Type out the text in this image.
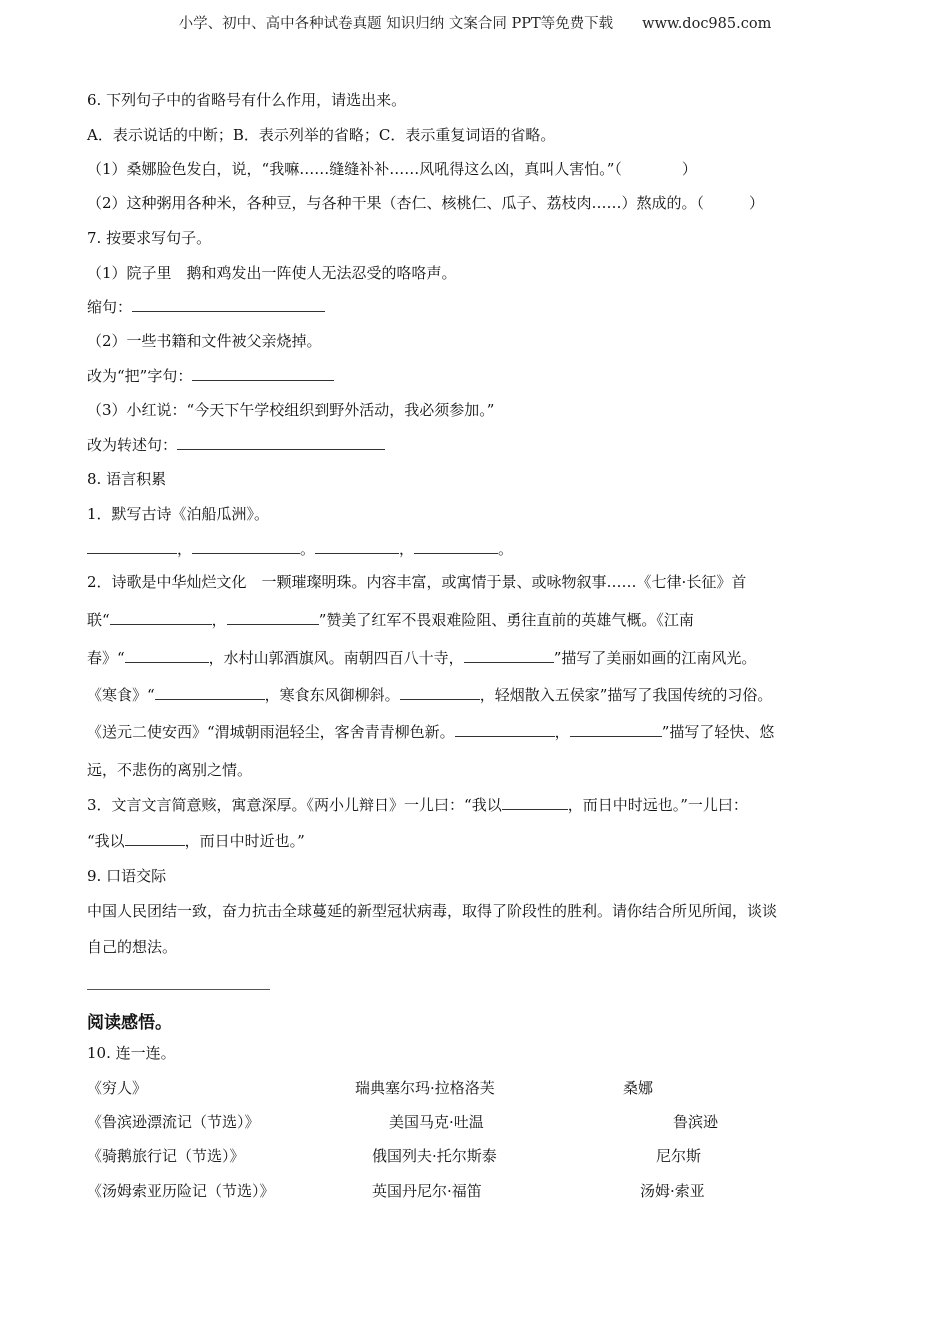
小学、初中、高中各种试卷真题 知识归纳 文案合同 PPT等免费下载　　www.doc985.com
6. 下列句子中的省略号有什么作用，请选出来。
A．表示说话的中断；B．表示列举的省略；C．表示重复词语的省略。
（1）桑娜脸色发白，说，“我嘛……缝缝补补……风吼得这么凶，真叫人害怕。”（　　　　）
（2）这种粥用各种米，各种豆，与各种干果（杏仁、核桃仁、瓜子、荔枝肉……）熬成的。（　　　）
7. 按要求写句子。
（1）院子里　鹅和鸡发出一阵使人无法忍受的咯咯声。
缩句：
（2）一些书籍和文件被父亲烧掉。
改为“把”字句：
（3）小红说：“今天下午学校组织到野外活动，我必须参加。”
改为转述句：
8. 语言积累
1．默写古诗《泊船瓜洲》。
，	。	，	。
2．诗歌是中华灿烂文化　一颗璀璨明珠。内容丰富，或寓情于景、或咏物叙事……《七律·长征》首
联“	，	”赞美了红军不畏艰难险阻、勇往直前的英雄气概。《江南
春》“	，水村山郭酒旗风。南朝四百八十寺，	”描写了美丽如画的江南风光。
《寒食》“	，寒食东风御柳斜。	，轻烟散入五侯家”描写了我国传统的习俗。
《送元二使安西》“渭城朝雨浥轻尘，客舍青青柳色新。	，	”描写了轻快、悠
远，不悲伤的离别之情。
3．文言文言简意赅，寓意深厚。《两小儿辩日》一儿曰：“我以	，而日中时远也。”一儿曰：
“我以	，而日中时近也。”
9. 口语交际
中国人民团结一致，奋力抗击全球蔓延的新型冠状病毒，取得了阶段性的胜利。请你结合所见所闻，谈谈
自己的想法。
阅读感悟。
10. 连一连。
《穷人》	瑞典塞尔玛·拉格洛芙	桑娜
《鲁滨逊漂流记（节选）》	美国马克·吐温	鲁滨逊
《骑鹅旅行记（节选）》	俄国列夫·托尔斯泰	尼尔斯
《汤姆索亚历险记（节选）》	英国丹尼尔·福笛	汤姆·索亚
